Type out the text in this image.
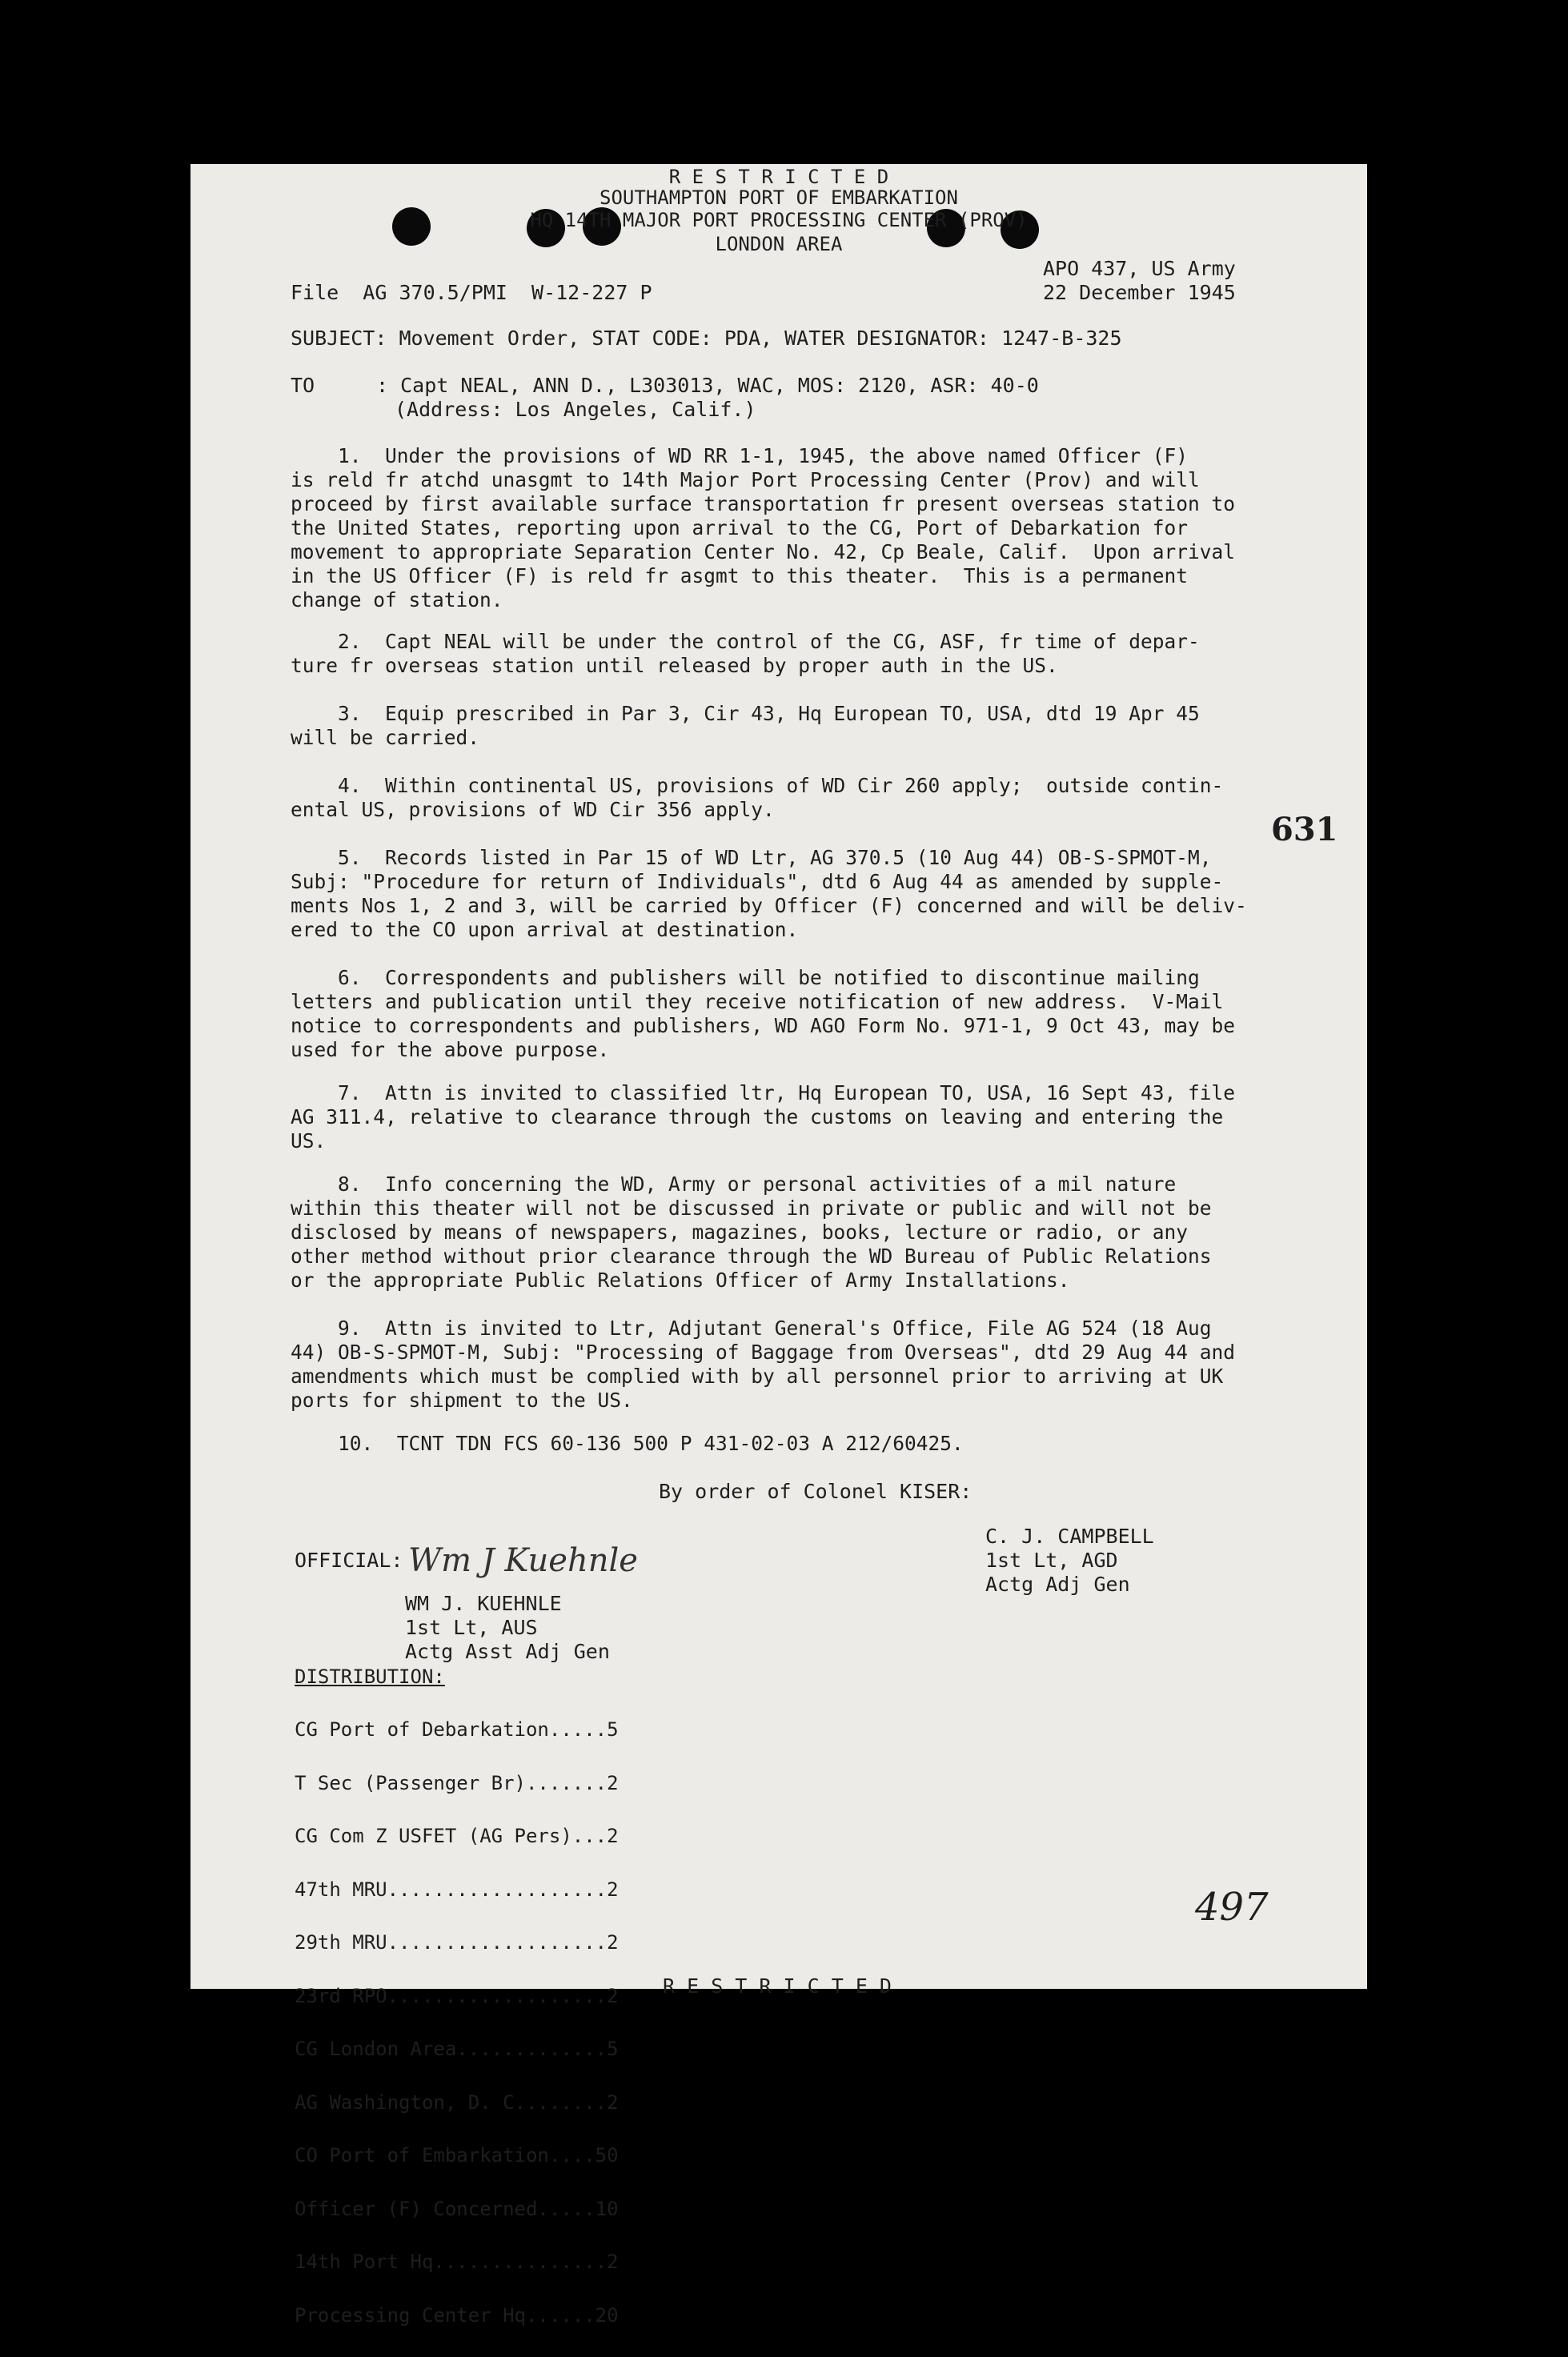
R E S T R I C T E D
SOUTHAMPTON PORT OF EMBARKATION
HQ 14TH MAJOR PORT PROCESSING CENTER (PROV)
LONDON AREA
File  AG 370.5/PMI  W-12-227 P
APO 437, US Army
22 December 1945
SUBJECT: Movement Order, STAT CODE: PDA, WATER DESIGNATOR: 1247-B-325
TO	: Capt NEAL, ANN D., L303013, WAC, MOS: 2120, ASR: 40-0
(Address: Los Angeles, Calif.)
1.  Under the provisions of WD RR 1-1, 1945, the above named Officer (F)
is reld fr atchd unasgmt to 14th Major Port Processing Center (Prov) and will
proceed by first available surface transportation fr present overseas station to
the United States, reporting upon arrival to the CG, Port of Debarkation for
movement to appropriate Separation Center No. 42, Cp Beale, Calif.  Upon arrival
in the US Officer (F) is reld fr asgmt to this theater.  This is a permanent
change of station.
2.  Capt NEAL will be under the control of the CG, ASF, fr time of depar-
ture fr overseas station until released by proper auth in the US.
3.  Equip prescribed in Par 3, Cir 43, Hq European TO, USA, dtd 19 Apr 45
will be carried.
4.  Within continental US, provisions of WD Cir 260 apply;  outside contin-
ental US, provisions of WD Cir 356 apply.
5.  Records listed in Par 15 of WD Ltr, AG 370.5 (10 Aug 44) OB-S-SPMOT-M,
Subj: "Procedure for return of Individuals", dtd 6 Aug 44 as amended by supple-
ments Nos 1, 2 and 3, will be carried by Officer (F) concerned and will be deliv-
ered to the CO upon arrival at destination.
6.  Correspondents and publishers will be notified to discontinue mailing
letters and publication until they receive notification of new address.  V-Mail
notice to correspondents and publishers, WD AGO Form No. 971-1, 9 Oct 43, may be
used for the above purpose.
7.  Attn is invited to classified ltr, Hq European TO, USA, 16 Sept 43, file
AG 311.4, relative to clearance through the customs on leaving and entering the
US.
8.  Info concerning the WD, Army or personal activities of a mil nature
within this theater will not be discussed in private or public and will not be
disclosed by means of newspapers, magazines, books, lecture or radio, or any
other method without prior clearance through the WD Bureau of Public Relations
or the appropriate Public Relations Officer of Army Installations.
9.  Attn is invited to Ltr, Adjutant General's Office, File AG 524 (18 Aug
44) OB-S-SPMOT-M, Subj: "Processing of Baggage from Overseas", dtd 29 Aug 44 and
amendments which must be complied with by all personnel prior to arriving at UK
ports for shipment to the US.
10.  TCNT TDN FCS 60-136 500 P 431-02-03 A 212/60425.
631
By order of Colonel KISER:
C. J. CAMPBELL
1st Lt, AGD
Actg Adj Gen
OFFICIAL: Wm J Kuehnle
WM J. KUEHNLE
1st Lt, AUS
Actg Asst Adj Gen
DISTRIBUTION:

CG Port of Debarkation.....5

T Sec (Passenger Br).......2

CG Com Z USFET (AG Pers)...2

47th MRU...................2

29th MRU...................2

23rd RPO...................2

CG London Area.............5

AG Washington, D. C........2

CO Port of Embarkation....50

Officer (F) Concerned.....10

14th Port Hq...............2

Processing Center Hq......20

497
R E S T R I C T E D
